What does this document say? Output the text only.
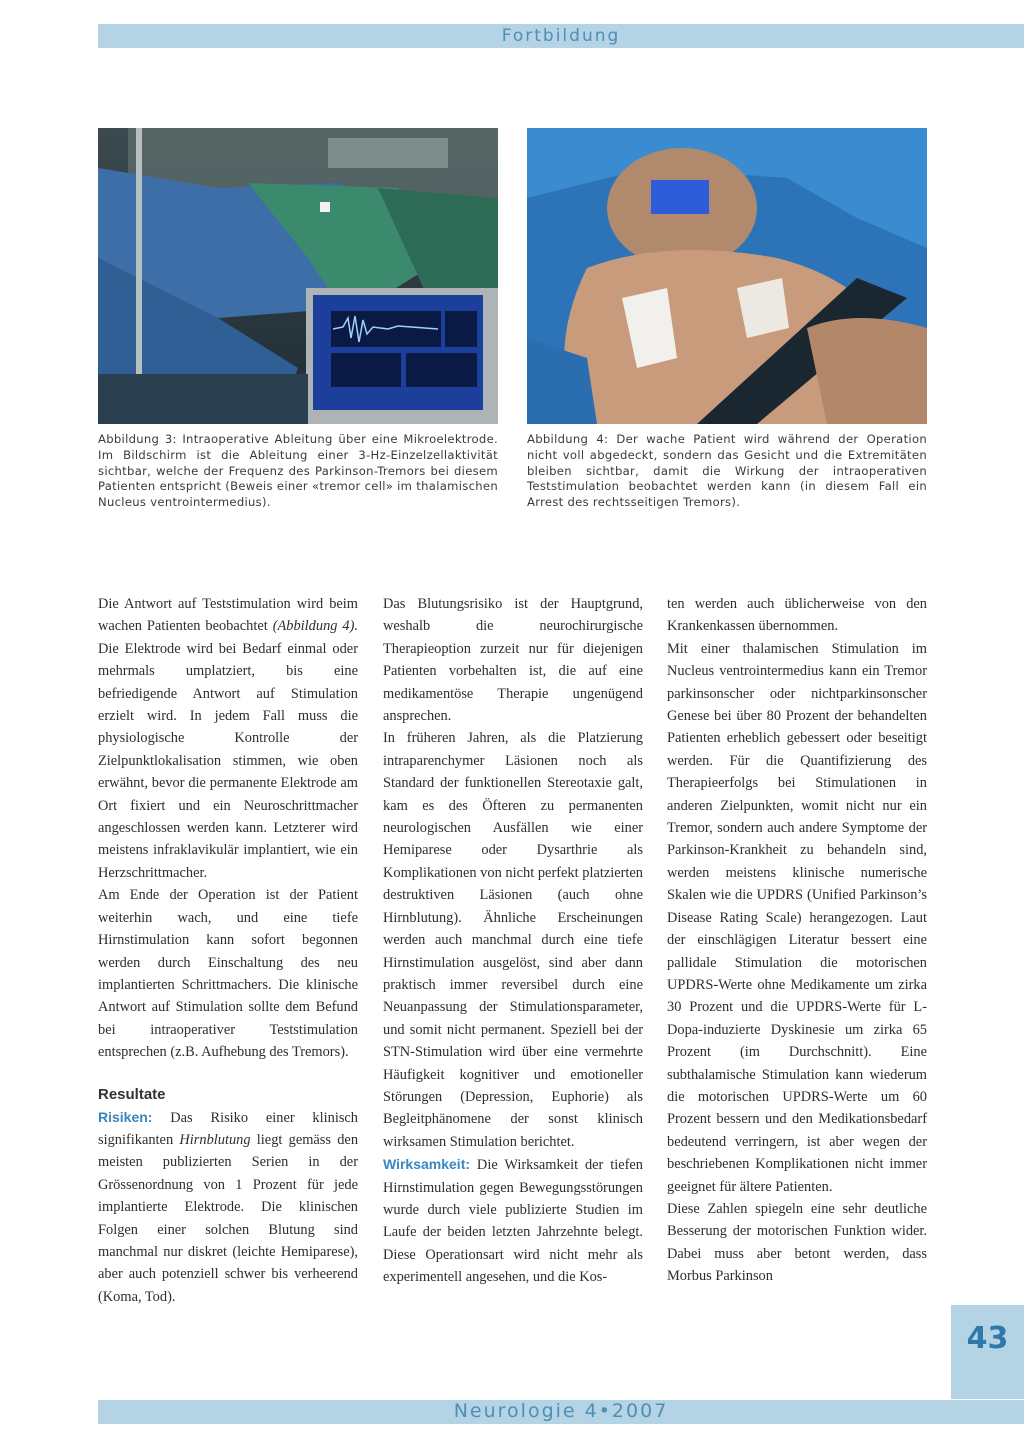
Fortbildung
Abbildung 3: Intraoperative Ableitung über eine Mikroelektrode. Im Bildschirm ist die Ableitung einer 3-Hz-Einzelzellaktivität sichtbar, welche der Frequenz des Parkinson-Tremors bei diesem Patienten entspricht (Beweis einer «tremor cell» im thalamischen Nucleus ventrointermedius).
Abbildung 4: Der wache Patient wird während der Operation nicht voll abgedeckt, sondern das Gesicht und die Extremitäten bleiben sichtbar, damit die Wirkung der intraoperativen Teststimulation beobachtet werden kann (in diesem Fall ein Arrest des rechtsseitigen Tremors).

Die Antwort auf Teststimulation wird beim wachen Patienten beobachtet (Abbildung 4). Die Elektrode wird bei Bedarf einmal oder mehrmals umplatziert, bis eine befriedigende Antwort auf Stimulation erzielt wird. In jedem Fall muss die physiologische Kontrolle der Zielpunktlokalisation stimmen, wie oben erwähnt, bevor die permanente Elektrode am Ort fixiert und ein Neuroschrittmacher angeschlossen werden kann. Letzterer wird meistens infraklavikulär implantiert, wie ein Herzschrittmacher.

Am Ende der Operation ist der Patient weiterhin wach, und eine tiefe Hirnstimulation kann sofort begonnen werden durch Einschaltung des neu implantierten Schrittmachers. Die klinische Antwort auf Stimulation sollte dem Befund bei intraoperativer Teststimulation entsprechen (z.B. Aufhebung des Tremors).

Resultate

Risiken: Das Risiko einer klinisch signifikanten Hirnblutung liegt gemäss den meisten publizierten Serien in der Grössenordnung von 1 Prozent für jede implantierte Elektrode. Die klinischen Folgen einer solchen Blutung sind manchmal nur diskret (leichte Hemiparese), aber auch potenziell schwer bis verheerend (Koma, Tod).

Das Blutungsrisiko ist der Hauptgrund, weshalb die neurochirurgische Therapieoption zurzeit nur für diejenigen Patienten vorbehalten ist, die auf eine medikamentöse Therapie ungenügend ansprechen.

In früheren Jahren, als die Platzierung intraparenchymer Läsionen noch als Standard der funktionellen Stereotaxie galt, kam es des Öfteren zu permanenten neurologischen Ausfällen wie einer Hemiparese oder Dysarthrie als Komplikationen von nicht perfekt platzierten destruktiven Läsionen (auch ohne Hirnblutung). Ähnliche Erscheinungen werden auch manchmal durch eine tiefe Hirnstimulation ausgelöst, sind aber dann praktisch immer reversibel durch eine Neuanpassung der Stimulationsparameter, und somit nicht permanent. Speziell bei der STN-Stimulation wird über eine vermehrte Häufigkeit kognitiver und emotioneller Störungen (Depression, Euphorie) als Begleitphänomene der sonst klinisch wirksamen Stimulation berichtet.

Wirksamkeit: Die Wirksamkeit der tiefen Hirnstimulation gegen Bewegungsstörungen wurde durch viele publizierte Studien im Laufe der beiden letzten Jahrzehnte belegt. Diese Operationsart wird nicht mehr als experimentell angesehen, und die Kos-

ten werden auch üblicherweise von den Krankenkassen übernommen.

Mit einer thalamischen Stimulation im Nucleus ventrointermedius kann ein Tremor parkinsonscher oder nichtparkinsonscher Genese bei über 80 Prozent der behandelten Patienten erheblich gebessert oder beseitigt werden. Für die Quantifizierung des Therapieerfolgs bei Stimulationen in anderen Zielpunkten, womit nicht nur ein Tremor, sondern auch andere Symptome der Parkinson-Krankheit zu behandeln sind, werden meistens klinische numerische Skalen wie die UPDRS (Unified Parkinson’s Disease Rating Scale) herangezogen. Laut der einschlägigen Literatur bessert eine pallidale Stimulation die motorischen UPDRS-Werte ohne Medikamente um zirka 30 Prozent und die UPDRS-Werte für L-Dopa-induzierte Dyskinesie um zirka 65 Prozent (im Durchschnitt). Eine subthalamische Stimulation kann wiederum die motorischen UPDRS-Werte um 60 Prozent bessern und den Medikationsbedarf bedeutend verringern, ist aber wegen der beschriebenen Komplikationen nicht immer geeignet für ältere Patienten.

Diese Zahlen spiegeln eine sehr deutliche Besserung der motorischen Funktion wider. Dabei muss aber betont werden, dass Morbus Parkinson

43
Neurologie 4•2007
